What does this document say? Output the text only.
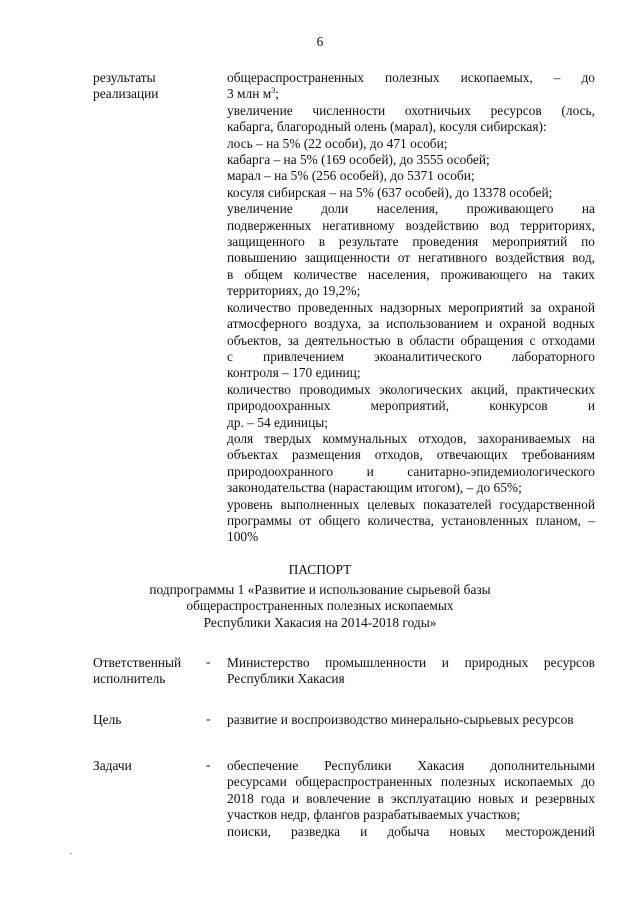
6
результаты
реализации

общераспространенных полезных ископаемых, – до

3 млн $м^3$;

увеличение численности охотничьих ресурсов (лось,

кабарга, благородный олень (марал), косуля сибирская):

лось – на 5% (22 особи), до 471 особи;

кабарга – на 5% (169 особей), до 3555 особей;

марал – на 5% (256 особей), до 5371 особи;

косуля сибирская – на 5% (637 особей), до 13378 особей;

увеличение доли населения, проживающего на

подверженных негативному воздействию вод территориях,

защищенного в результате проведения мероприятий по

повышению защищенности от негативного воздействия вод,

в общем количестве населения, проживающего на таких

территориях, до 19,2%;

количество проведенных надзорных мероприятий за охраной

атмосферного воздуха, за использованием и охраной водных

объектов, за деятельностью в области обращения с отходами

с привлечением экоаналитического лабораторного

контроля – 170 единиц;

количество проводимых экологических акций, практических

природоохранных мероприятий, конкурсов и

др. – 54 единицы;

доля твердых коммунальных отходов, захораниваемых на

объектах размещения отходов, отвечающих требованиям

природоохранного и санитарно-эпидемиологического

законодательства (нарастающим итогом), – до 65%;

уровень выполненных целевых показателей государственной

программы от общего количества, установленных планом, –

100%

ПАСПОРТ
подпрограммы 1 «Развитие и использование сырьевой базы
общераспространенных полезных ископаемых
Республики Хакасия на 2014-2018 годы»
Ответственный
исполнитель
- Министерство промышленности и природных ресурсов

Республики Хакасия

Цель	- развитие и воспроизводство минерально-сырьевых ресурсов

Задачи	- обеспечение Республики Хакасия дополнительными

ресурсами общераспространенных полезных ископаемых до

2018 года и вовлечение в эксплуатацию новых и резервных

участков недр, флангов разрабатываемых участков;

поиски, разведка и добыча новых месторождений
